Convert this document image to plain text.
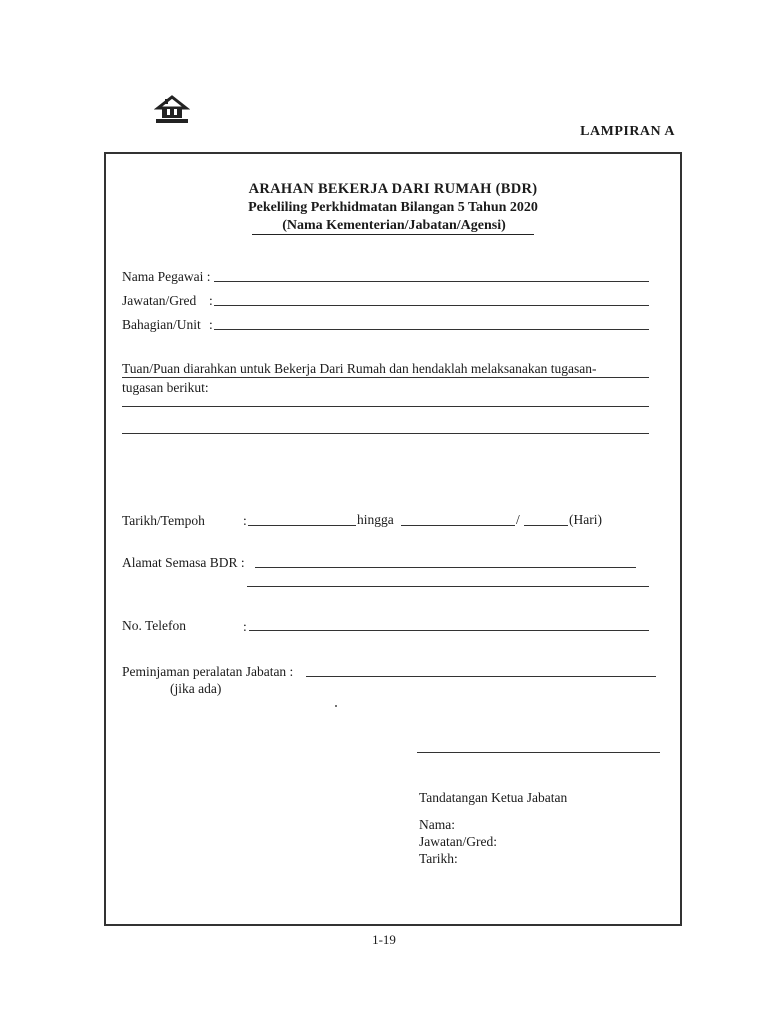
LAMPIRAN A
ARAHAN BEKERJA DARI RUMAH (BDR)
Pekeliling Perkhidmatan Bilangan 5 Tahun 2020
(Nama Kementerian/Jabatan/Agensi)
Nama Pegawai :
Jawatan/Gred :
Bahagian/Unit :
Tuan/Puan diarahkan untuk Bekerja Dari Rumah dan hendaklah melaksanakan tugasan-
tugasan berikut:
Tarikh/Tempoh	:	hingga	/	(Hari)
Alamat Semasa BDR :
No. Telefon	:
Peminjaman peralatan Jabatan :
(jika ada)
Tandatangan Ketua Jabatan
Nama:
Jawatan/Gred:
Tarikh:
1-19
